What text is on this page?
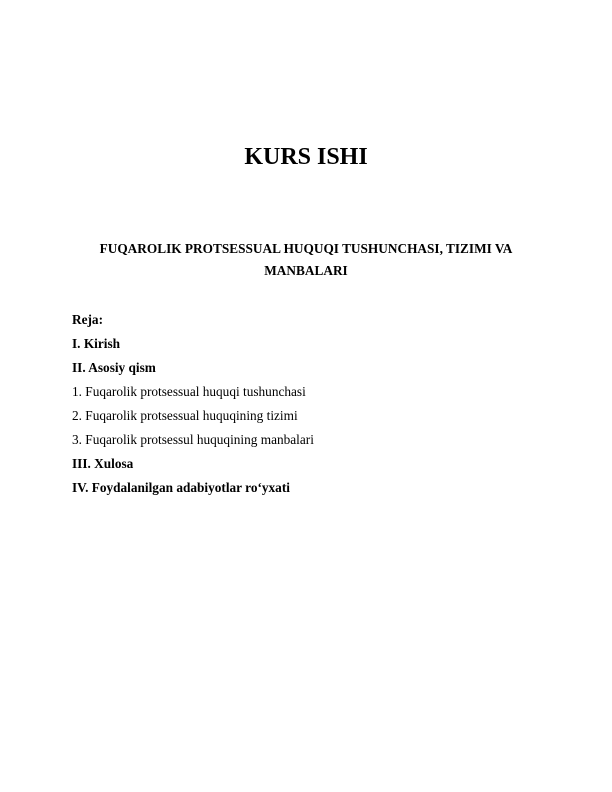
KURS ISHI
FUQAROLIK PROTSESSUAL HUQUQI TUSHUNCHASI, TIZIMI VA
MANBALARI
Reja:
I. Kirish
II. Asosiy qism
1. Fuqarolik protsessual huquqi tushunchasi
2. Fuqarolik protsessual huquqining tizimi
3. Fuqarolik protsessul huquqining manbalari
III. Xulosa
IV. Foydalanilgan adabiyotlar ro‘yxati
